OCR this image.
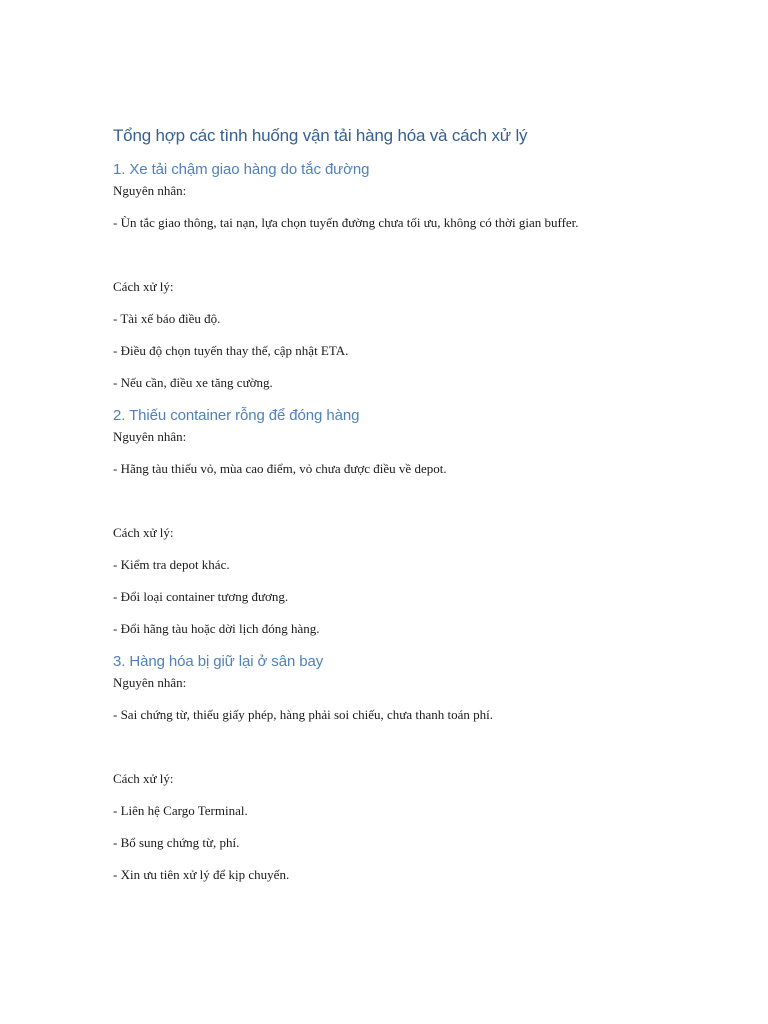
Tổng hợp các tình huống vận tải hàng hóa và cách xử lý
1. Xe tải chậm giao hàng do tắc đường

Nguyên nhân:

- Ùn tắc giao thông, tai nạn, lựa chọn tuyến đường chưa tối ưu, không có thời gian buffer.

Cách xử lý:

- Tài xế báo điều độ.

- Điều độ chọn tuyến thay thế, cập nhật ETA.

- Nếu cần, điều xe tăng cường.

2. Thiếu container rỗng để đóng hàng

Nguyên nhân:

- Hãng tàu thiếu vỏ, mùa cao điểm, vỏ chưa được điều về depot.

Cách xử lý:

- Kiểm tra depot khác.

- Đổi loại container tương đương.

- Đổi hãng tàu hoặc dời lịch đóng hàng.

3. Hàng hóa bị giữ lại ở sân bay

Nguyên nhân:

- Sai chứng từ, thiếu giấy phép, hàng phải soi chiếu, chưa thanh toán phí.

Cách xử lý:

- Liên hệ Cargo Terminal.

- Bổ sung chứng từ, phí.

- Xin ưu tiên xử lý để kịp chuyến.
